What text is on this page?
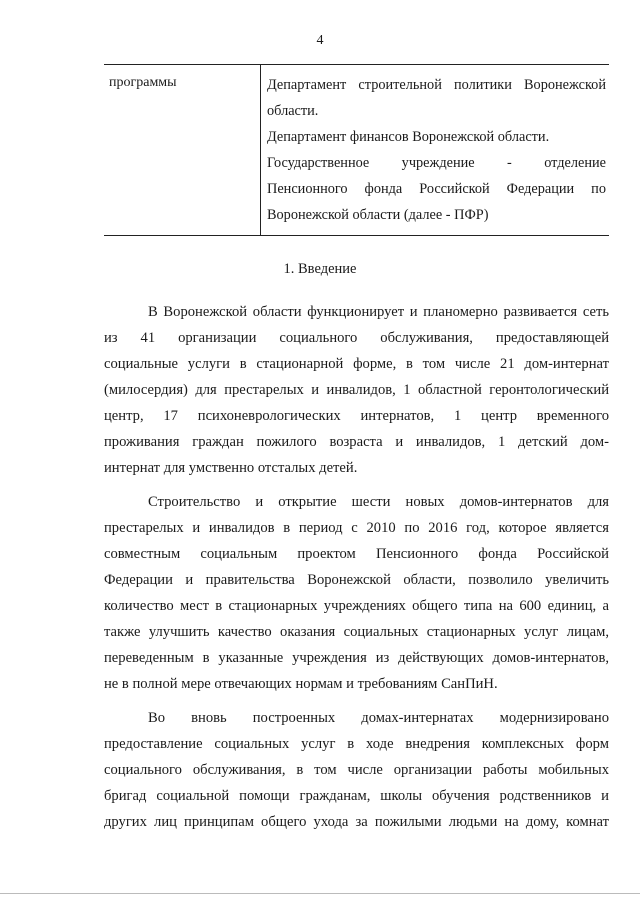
4
программы	Департамент строительной политики Воронежской
области.
Департамент финансов Воронежской области.
Государственное учреждение - отделение
Пенсионного фонда Российской Федерации по
Воронежской области (далее - ПФР)
1. Введение
В Воронежской области функционирует и планомерно развивается сеть
из 41 организации социального обслуживания, предоставляющей
социальные услуги в стационарной форме, в том числе 21 дом-интернат
(милосердия) для престарелых и инвалидов, 1 областной геронтологический
центр, 17 психоневрологических интернатов, 1 центр временного
проживания граждан пожилого возраста и инвалидов, 1 детский дом-
интернат для умственно отсталых детей.
Строительство и открытие шести новых домов-интернатов для
престарелых и инвалидов в период с 2010 по 2016 год, которое является
совместным социальным проектом Пенсионного фонда Российской
Федерации и правительства Воронежской области, позволило увеличить
количество мест в стационарных учреждениях общего типа на 600 единиц, а
также улучшить качество оказания социальных стационарных услуг лицам,
переведенным в указанные учреждения из действующих домов-интернатов,
не в полной мере отвечающих нормам и требованиям СанПиН.
Во вновь построенных домах-интернатах модернизировано
предоставление социальных услуг в ходе внедрения комплексных форм
социального обслуживания, в том числе организации работы мобильных
бригад социальной помощи гражданам, школы обучения родственников и
других лиц принципам общего ухода за пожилыми людьми на дому, комнат
